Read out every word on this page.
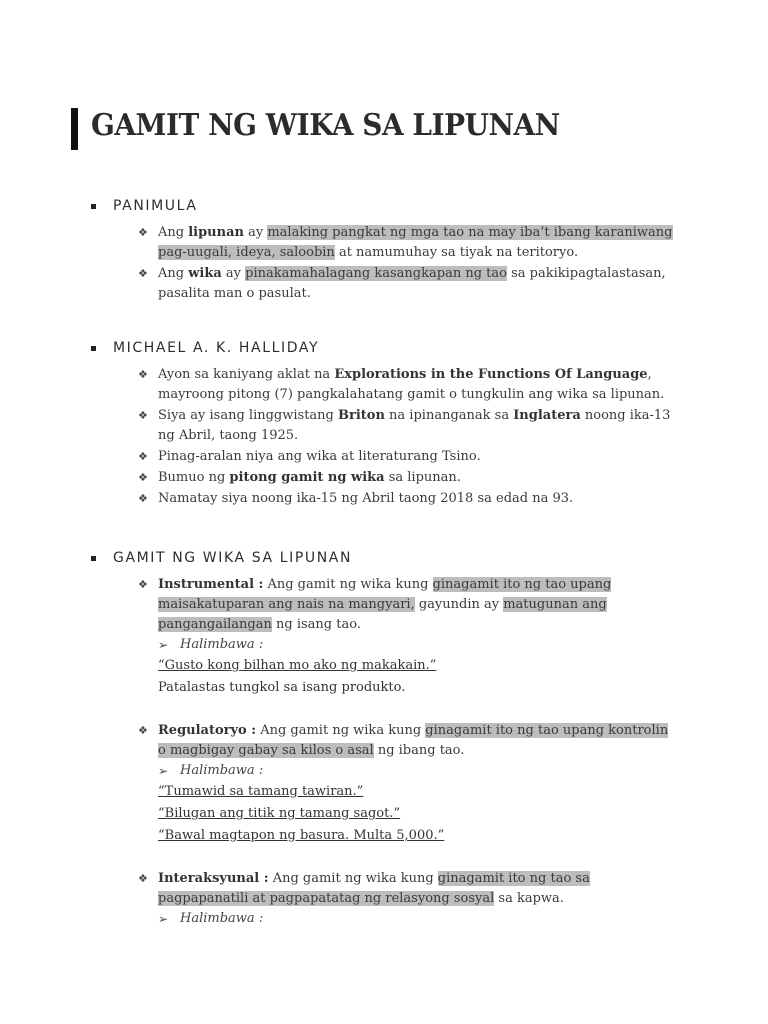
GAMIT NG WIKA SA LIPUNAN
PANIMULA
❖ Ang lipunan ay malaking pangkat ng mga tao na may iba’t ibang karaniwang pag-uugali, ideya, saloobin at namumuhay sa tiyak na teritoryo.
❖ Ang wika ay pinakamahalagang kasangkapan ng tao sa pakikipagtalastasan, pasalita man o pasulat.
MICHAEL A. K. HALLIDAY
❖ Ayon sa kaniyang aklat na Explorations in the Functions Of Language, mayroong pitong (7) pangkalahatang gamit o tungkulin ang wika sa lipunan.
❖ Siya ay isang linggwistang Briton na ipinanganak sa Inglatera noong ika-13 ng Abril, taong 1925.
❖ Pinag-aralan niya ang wika at literaturang Tsino.
❖ Bumuo ng pitong gamit ng wika sa lipunan.
❖ Namatay siya noong ika-15 ng Abril taong 2018 sa edad na 93.
GAMIT NG WIKA SA LIPUNAN
❖ Instrumental : Ang gamit ng wika kung ginagamit ito ng tao upang maisakatuparan ang nais na mangyari, gayundin ay matugunan ang pangangailangan ng isang tao.
➢ Halimbawa :
“Gusto kong bilhan mo ako ng makakain.”
Patalastas tungkol sa isang produkto.
❖ Regulatoryo : Ang gamit ng wika kung ginagamit ito ng tao upang kontrolin o magbigay gabay sa kilos o asal ng ibang tao.
➢ Halimbawa :
“Tumawid sa tamang tawiran.”
“Bilugan ang titik ng tamang sagot.”
“Bawal magtapon ng basura. Multa 5,000.”
❖ Interaksyunal : Ang gamit ng wika kung ginagamit ito ng tao sa pagpapanatili at pagpapatatag ng relasyong sosyal sa kapwa.
➢ Halimbawa :
